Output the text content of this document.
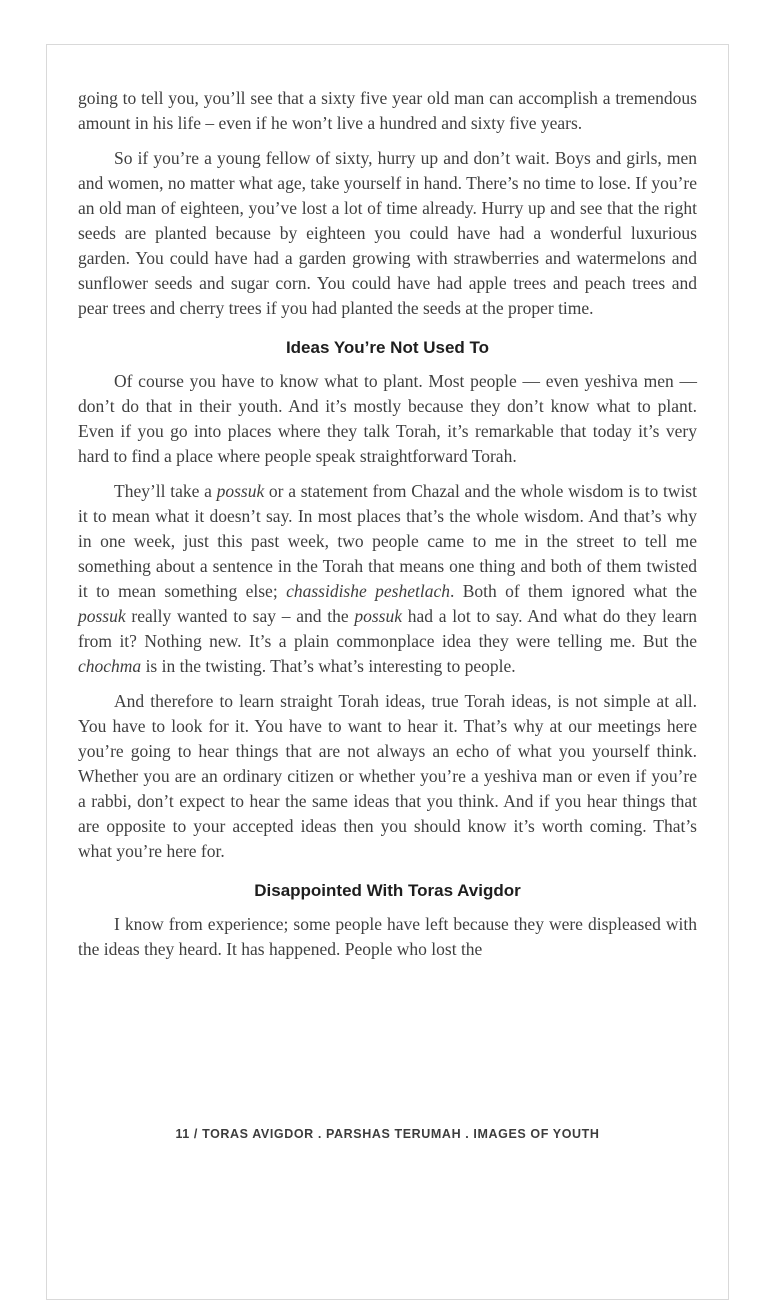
going to tell you, you’ll see that a sixty five year old man can accomplish a tremendous amount in his life – even if he won’t live a hundred and sixty five years.

So if you’re a young fellow of sixty, hurry up and don’t wait. Boys and girls, men and women, no matter what age, take yourself in hand. There’s no time to lose. If you’re an old man of eighteen, you’ve lost a lot of time already. Hurry up and see that the right seeds are planted because by eighteen you could have had a wonderful luxurious garden. You could have had a garden growing with strawberries and watermelons and sunflower seeds and sugar corn. You could have had apple trees and peach trees and pear trees and cherry trees if you had planted the seeds at the proper time.

Ideas You’re Not Used To

Of course you have to know what to plant. Most people — even yeshiva men — don’t do that in their youth. And it’s mostly because they don’t know what to plant. Even if you go into places where they talk Torah, it’s remarkable that today it’s very hard to find a place where people speak straightforward Torah.

They’ll take a possuk or a statement from Chazal and the whole wisdom is to twist it to mean what it doesn’t say. In most places that’s the whole wisdom. And that’s why in one week, just this past week, two people came to me in the street to tell me something about a sentence in the Torah that means one thing and both of them twisted it to mean something else; chassidishe peshetlach. Both of them ignored what the possuk really wanted to say – and the possuk had a lot to say. And what do they learn from it? Nothing new. It’s a plain commonplace idea they were telling me. But the chochma is in the twisting. That’s what’s interesting to people.

And therefore to learn straight Torah ideas, true Torah ideas, is not simple at all. You have to look for it. You have to want to hear it. That’s why at our meetings here you’re going to hear things that are not always an echo of what you yourself think. Whether you are an ordinary citizen or whether you’re a yeshiva man or even if you’re a rabbi, don’t expect to hear the same ideas that you think. And if you hear things that are opposite to your accepted ideas then you should know it’s worth coming. That’s what you’re here for.

Disappointed With Toras Avigdor

I know from experience; some people have left because they were displeased with the ideas they heard. It has happened. People who lost the

11 / TORAS AVIGDOR . PARSHAS TERUMAH . IMAGES OF YOUTH
